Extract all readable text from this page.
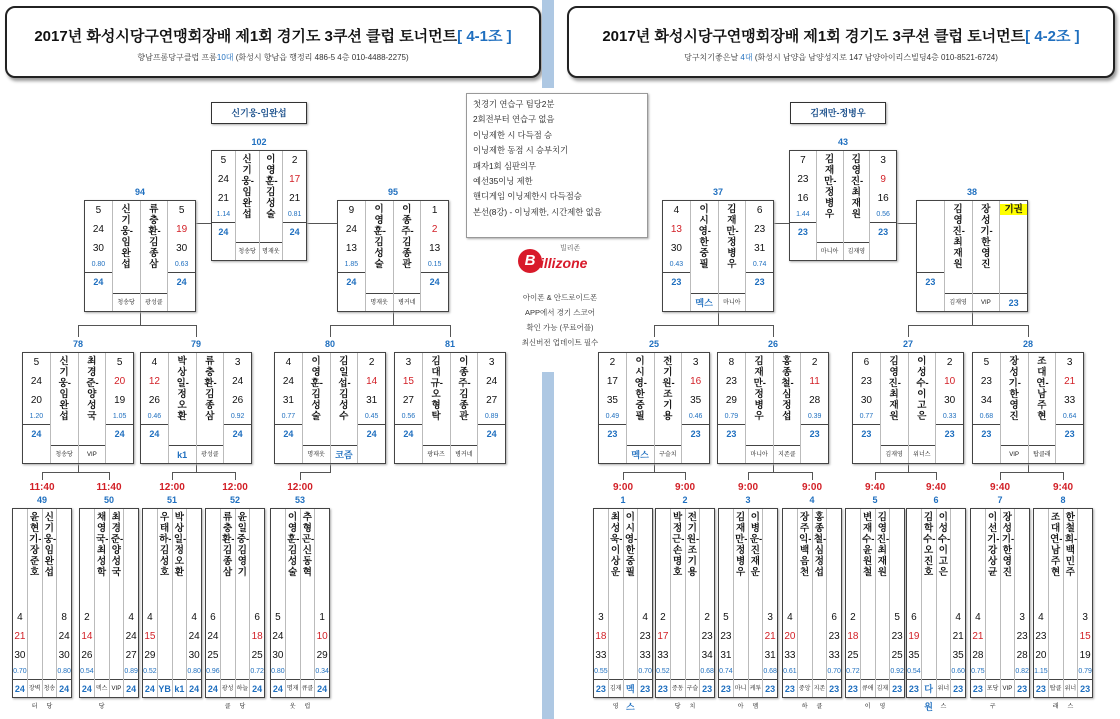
2017년 화성시당구연맹회장배 제1회 경기도 3쿠션 클럽 토너먼트[ 4-1조 ]
향남프롬당구클럽 프롬10대 (화성시 향남읍 행정리 486-5 4층 010-4488-2275)
2017년 화성시당구연맹회장배 제1회 경기도 3쿠션 클럽 토너먼트[ 4-2조 ]
당구치기좋은날 4대 (화성시 남양읍 남양성지로 147 남양아이리스빌딩4층 010-8521-6724)
신기웅-임완섭	김재만-정병우
첫경기 연습구 팀당2분
2회전부터 연습구 없음
이닝제한 시 다득점 승
이닝제한 동점 시 승부치기
패자1회 심판의무
예선35이닝 제한
핸디게임 이닝제한시 다득점승
본선(8강) - 이닝제한, 시간제한 없음
B
빌리존
illizone
아이폰 & 안드로이드폰
APP에서 경기 스코어
확인 가능 (무료어플)
최신버전 업데이트 필수
102
5
24
21
1.14
24
신기웅-임완섭
청송당
이영훈-김성술
명재웃
2
17
21
0.81
24
94
5
24
30
0.80
24
신기웅-임완섭
청송당
류충환-김종삼
광성클
5
19
30
0.63
24
95
9
24
13
1.85
24
이영훈-김성술
명재웃
이종주-김종관
병커네
1
2
13
0.15
24
78
5
24
20
1.20
24
신기웅-임완섭
청송당
최경준-양성국
VIP
5
20
19
1.05
24
79
4
12
26
0.46
24
박상일-정오환
k1
류충환-김종삼
광성클
3
24
26
0.92
24
80
4
24
31
0.77
24
이영훈-김성술
명재웃
김일섭-김성수
코즘
2
14
31
0.45
24
81
3
15
27
0.56
24
김대규-오형탁
팡타즈
이종주-김종관
병커네
3
24
27
0.89
24
11:40
49
4
21
30
0.70
24
윤현기-장준호
장벽터
신기웅-임완섭
청송당
8
24
30
0.80
24
11:40
50
2
14
26
0.54
24
채영국-최성학
덱스당
최경준-양성국
VIP
4
24
27
0.89
24
12:00
51
4
15
29
0.52
24
우태하-김성호
YB
박상일-정오환
k1
4
24
30
0.80
24
12:00
52
6
24
25
0.96
24
류충환-김종삼
광성클
윤일중-김영기
하늘당
6
18
25
0.72
24
12:00
53
5
24
30
0.80
24
이영훈-김성술
명재웃
추형곤-신동혁
큐클럽
1
10
29
0.34
24
43
7
23
16
1.44
23
김재만-정병우
마니아
김영진-최재원
김재영
3
9
16
0.56
23
37
4
13
30
0.43
23
이시영-한중필
멕스
김재만-정병우
마니아
6
23
31
0.74
23
38
23
김영진-최재원
김재영
장성기-한영진
VIP
기권
23
25
2
17
35
0.49
23
이시영-한중필
멕스
전기원-조기용
구슬치
3
16
35
0.46
23
26
8
23
29
0.79
23
김재만-정병우
마니아
홍종철-심정섭
지존클
2
11
28
0.39
23
27
6
23
30
0.77
23
김영진-최재원
김재영
이성수-이고은
위너스
2
10
30
0.33
23
28
5
23
34
0.68
23
장성기-한영진
VIP
조대연-남주현
탑클래
3
21
33
0.64
23
9:00
1
3
18
33
0.55
23
최성욱-이상운
김재영
이시영-한중필
멕스
4
23
33
0.70
23
9:00
2
2
17
33
0.52
23
박정근-손명호
증동당
전기원-조기용
구슬치
2
23
34
0.68
23
9:00
3
5
23
31
0.74
23
김재만-정병우
마니아
이병운-진재운
케투멤
3
21
31
0.68
23
9:00
4
4
20
33
0.61
23
장주익-백음천
중앙하
홍종철-심정섭
지존클
6
23
33
0.70
23
9:40
5
2
18
25
0.72
23
변재수-윤원철
큐애이
김영진-최재원
김재영
5
23
25
0.92
23
9:40
6
6
19
35
0.54
23
김학수-오진호
다원
이성수-이고은
위너스
4
21
35
0.60
23
9:40
7
4
21
28
0.75
23
이선기-강상균
포당구
장성기-한영진
VIP
3
23
28
0.82
23
9:40
8
4
23
20
1.15
23
조대연-남주현
탑클래
한철희-백민주
위너스
3
15
19
0.79
23
